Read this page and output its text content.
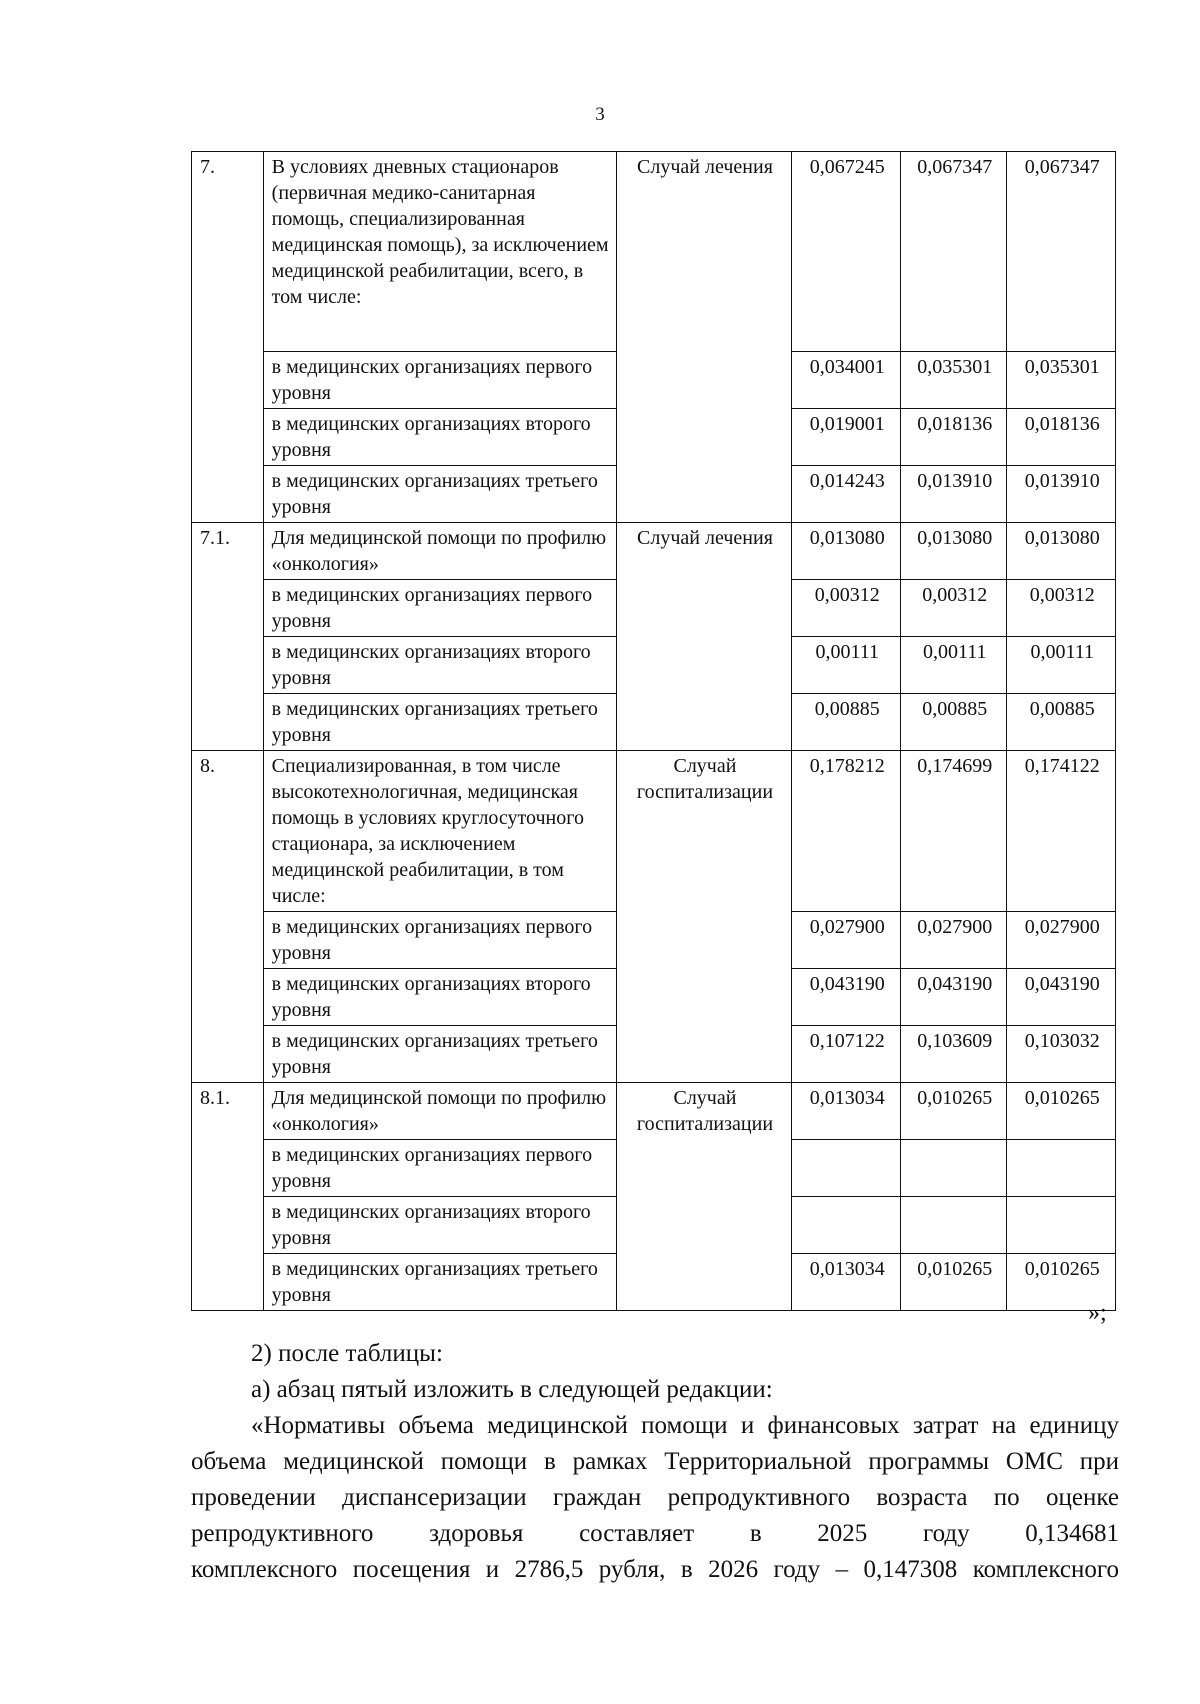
3
7.	В условиях дневных стационаров (первичная медико-санитарная помощь, специализированная медицинская помощь), за исключением медицинской реабилитации, всего, в том числе:	Случай лечения	0,067245	0,067347	0,067347
	в медицинских организациях первого уровня		0,034001	0,035301	0,035301
	в медицинских организациях второго уровня		0,019001	0,018136	0,018136
	в медицинских организациях третьего уровня		0,014243	0,013910	0,013910
7.1.	Для медицинской помощи по профилю «онкология»	Случай лечения	0,013080	0,013080	0,013080
	в медицинских организациях первого уровня		0,00312	0,00312	0,00312
	в медицинских организациях второго уровня		0,00111	0,00111	0,00111
	в медицинских организациях третьего уровня		0,00885	0,00885	0,00885
8.	Специализированная, в том числе высокотехнологичная, медицинская помощь в условиях круглосуточного стационара, за исключением медицинской реабилитации, в том числе:	Случай госпитализации	0,178212	0,174699	0,174122
	в медицинских организациях первого уровня		0,027900	0,027900	0,027900
	в медицинских организациях второго уровня		0,043190	0,043190	0,043190
	в медицинских организациях третьего уровня		0,107122	0,103609	0,103032
8.1.	Для медицинской помощи по профилю «онкология»	Случай госпитализации	0,013034	0,010265	0,010265
	в медицинских организациях первого уровня				
	в медицинских организациях второго уровня				
	в медицинских организациях третьего уровня		0,013034	0,010265	0,010265
»;

2) после таблицы:

а) абзац пятый изложить в следующей редакции:

«Нормативы объема медицинской помощи и финансовых затрат на единицу объема медицинской помощи в рамках Территориальной программы ОМС при проведении диспансеризации граждан репродуктивного возраста по оценке репродуктивного здоровья составляет в 2025 году 0,134681

комплексного посещения и 2786,5 рубля, в 2026 году – 0,147308 комплексного
